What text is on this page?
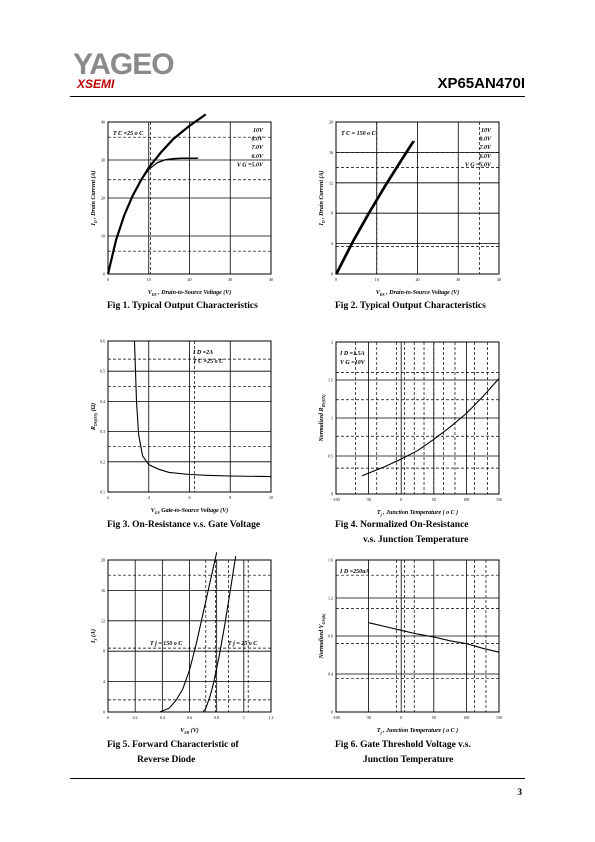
YAGEO
XSEMI	XP65AN470I
0	10	20	30	40
0
10
20
30
40
$V_{DS}$ , Drain-to-Source Voltage (V)
$I_D$ , Drain Current (A)
T C =25 o C	10V
8.0V
7.0V
6.0V
V G =5.0V
0	10	20	30	40
0
4
8
12
16
20
$V_{DS}$ , Drain-to-Source Voltage (V)
$I_D$ , Drain Current (A)
T C = 150 o C	10V
8.0V
7.0V
6.0V
V G =5.0V
2	4	6	8	10
0.1
0.2
0.3
0.4
0.5
0.6
$V_{GS}$ Gate-to-Source Voltage (V)
$R_{DS(ON)}$ (Ω)
I D =2A
T C =25 o C
-100	-50	0	50	100	150
0
0.5
1
1.5
2
$T_j$ , Junction Temperature ( o C )
Normalized $R_{DS(ON)}$
I D =1.5A
V G =10V
0	0.2	0.4	0.6	0.8	1	1.2
0
4
8
12
16
20
$V_{SD}$ (V)
$I_S$ (A)
T j = 150 o C	T j = 25 o C
-100	-50	0	50	100	150
0
0.4
0.8
1.2
1.6
$T_j$ , Junction Temperature ( o C )
Normalized $V_{GS(th)}$
I D =250uA
Fig 1. Typical Output Characteristics	Fig 2. Typical Output Characteristics
Fig 3. On-Resistance v.s. Gate Voltage	Fig 4. Normalized On-Resistance
v.s. Junction Temperature
Fig 5. Forward Characteristic of
Reverse Diode
Fig 6. Gate Threshold Voltage v.s.
Junction Temperature
3
